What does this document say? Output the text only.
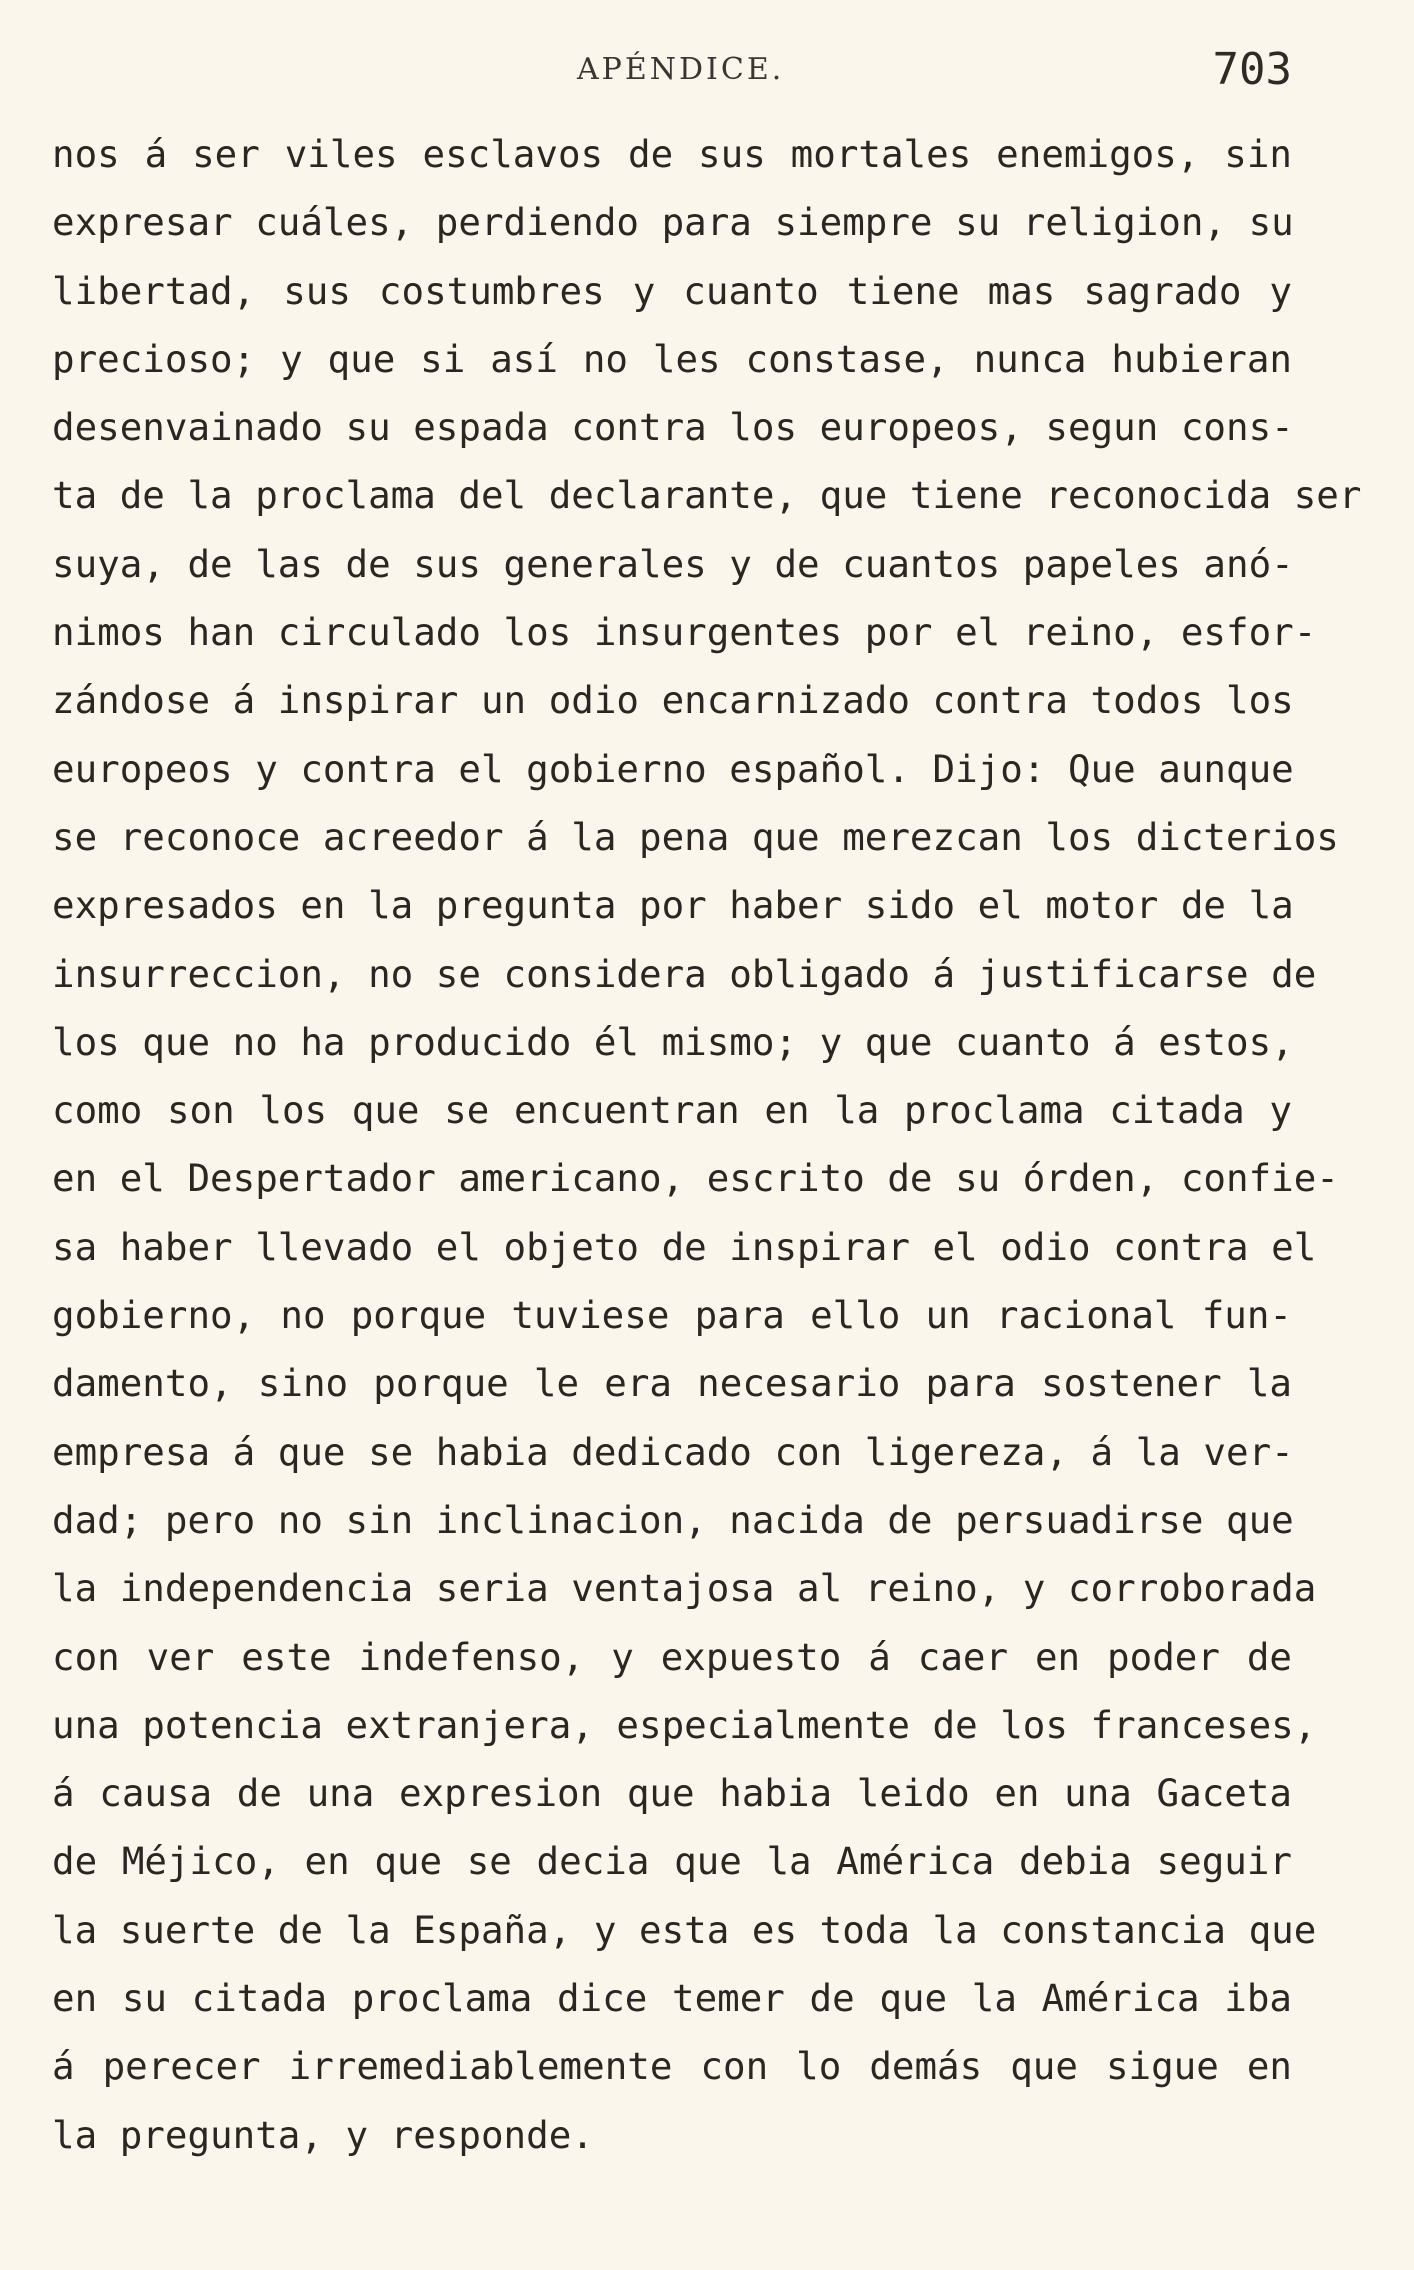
APÉNDICE.	703
nos á ser viles esclavos de sus mortales enemigos, sin
expresar cuáles, perdiendo para siempre su religion, su
libertad, sus costumbres y cuanto tiene mas sagrado y
precioso; y que si así no les constase, nunca hubieran
desenvainado su espada contra los europeos, segun cons-
ta de la proclama del declarante, que tiene reconocida ser
suya, de las de sus generales y de cuantos papeles anó-
nimos han circulado los insurgentes por el reino, esfor-
zándose á inspirar un odio encarnizado contra todos los
europeos y contra el gobierno español. Dijo: Que aunque
se reconoce acreedor á la pena que merezcan los dicterios
expresados en la pregunta por haber sido el motor de la
insurreccion, no se considera obligado á justificarse de
los que no ha producido él mismo; y que cuanto á estos,
como son los que se encuentran en la proclama citada y
en el Despertador americano, escrito de su órden, confie-
sa haber llevado el objeto de inspirar el odio contra el
gobierno, no porque tuviese para ello un racional fun-
damento, sino porque le era necesario para sostener la
empresa á que se habia dedicado con ligereza, á la ver-
dad; pero no sin inclinacion, nacida de persuadirse que
la independencia seria ventajosa al reino, y corroborada
con ver este indefenso, y expuesto á caer en poder de
una potencia extranjera, especialmente de los franceses,
á causa de una expresion que habia leido en una Gaceta
de Méjico, en que se decia que la América debia seguir
la suerte de la España, y esta es toda la constancia que
en su citada proclama dice temer de que la América iba
á perecer irremediablemente con lo demás que sigue en
la pregunta, y responde.
